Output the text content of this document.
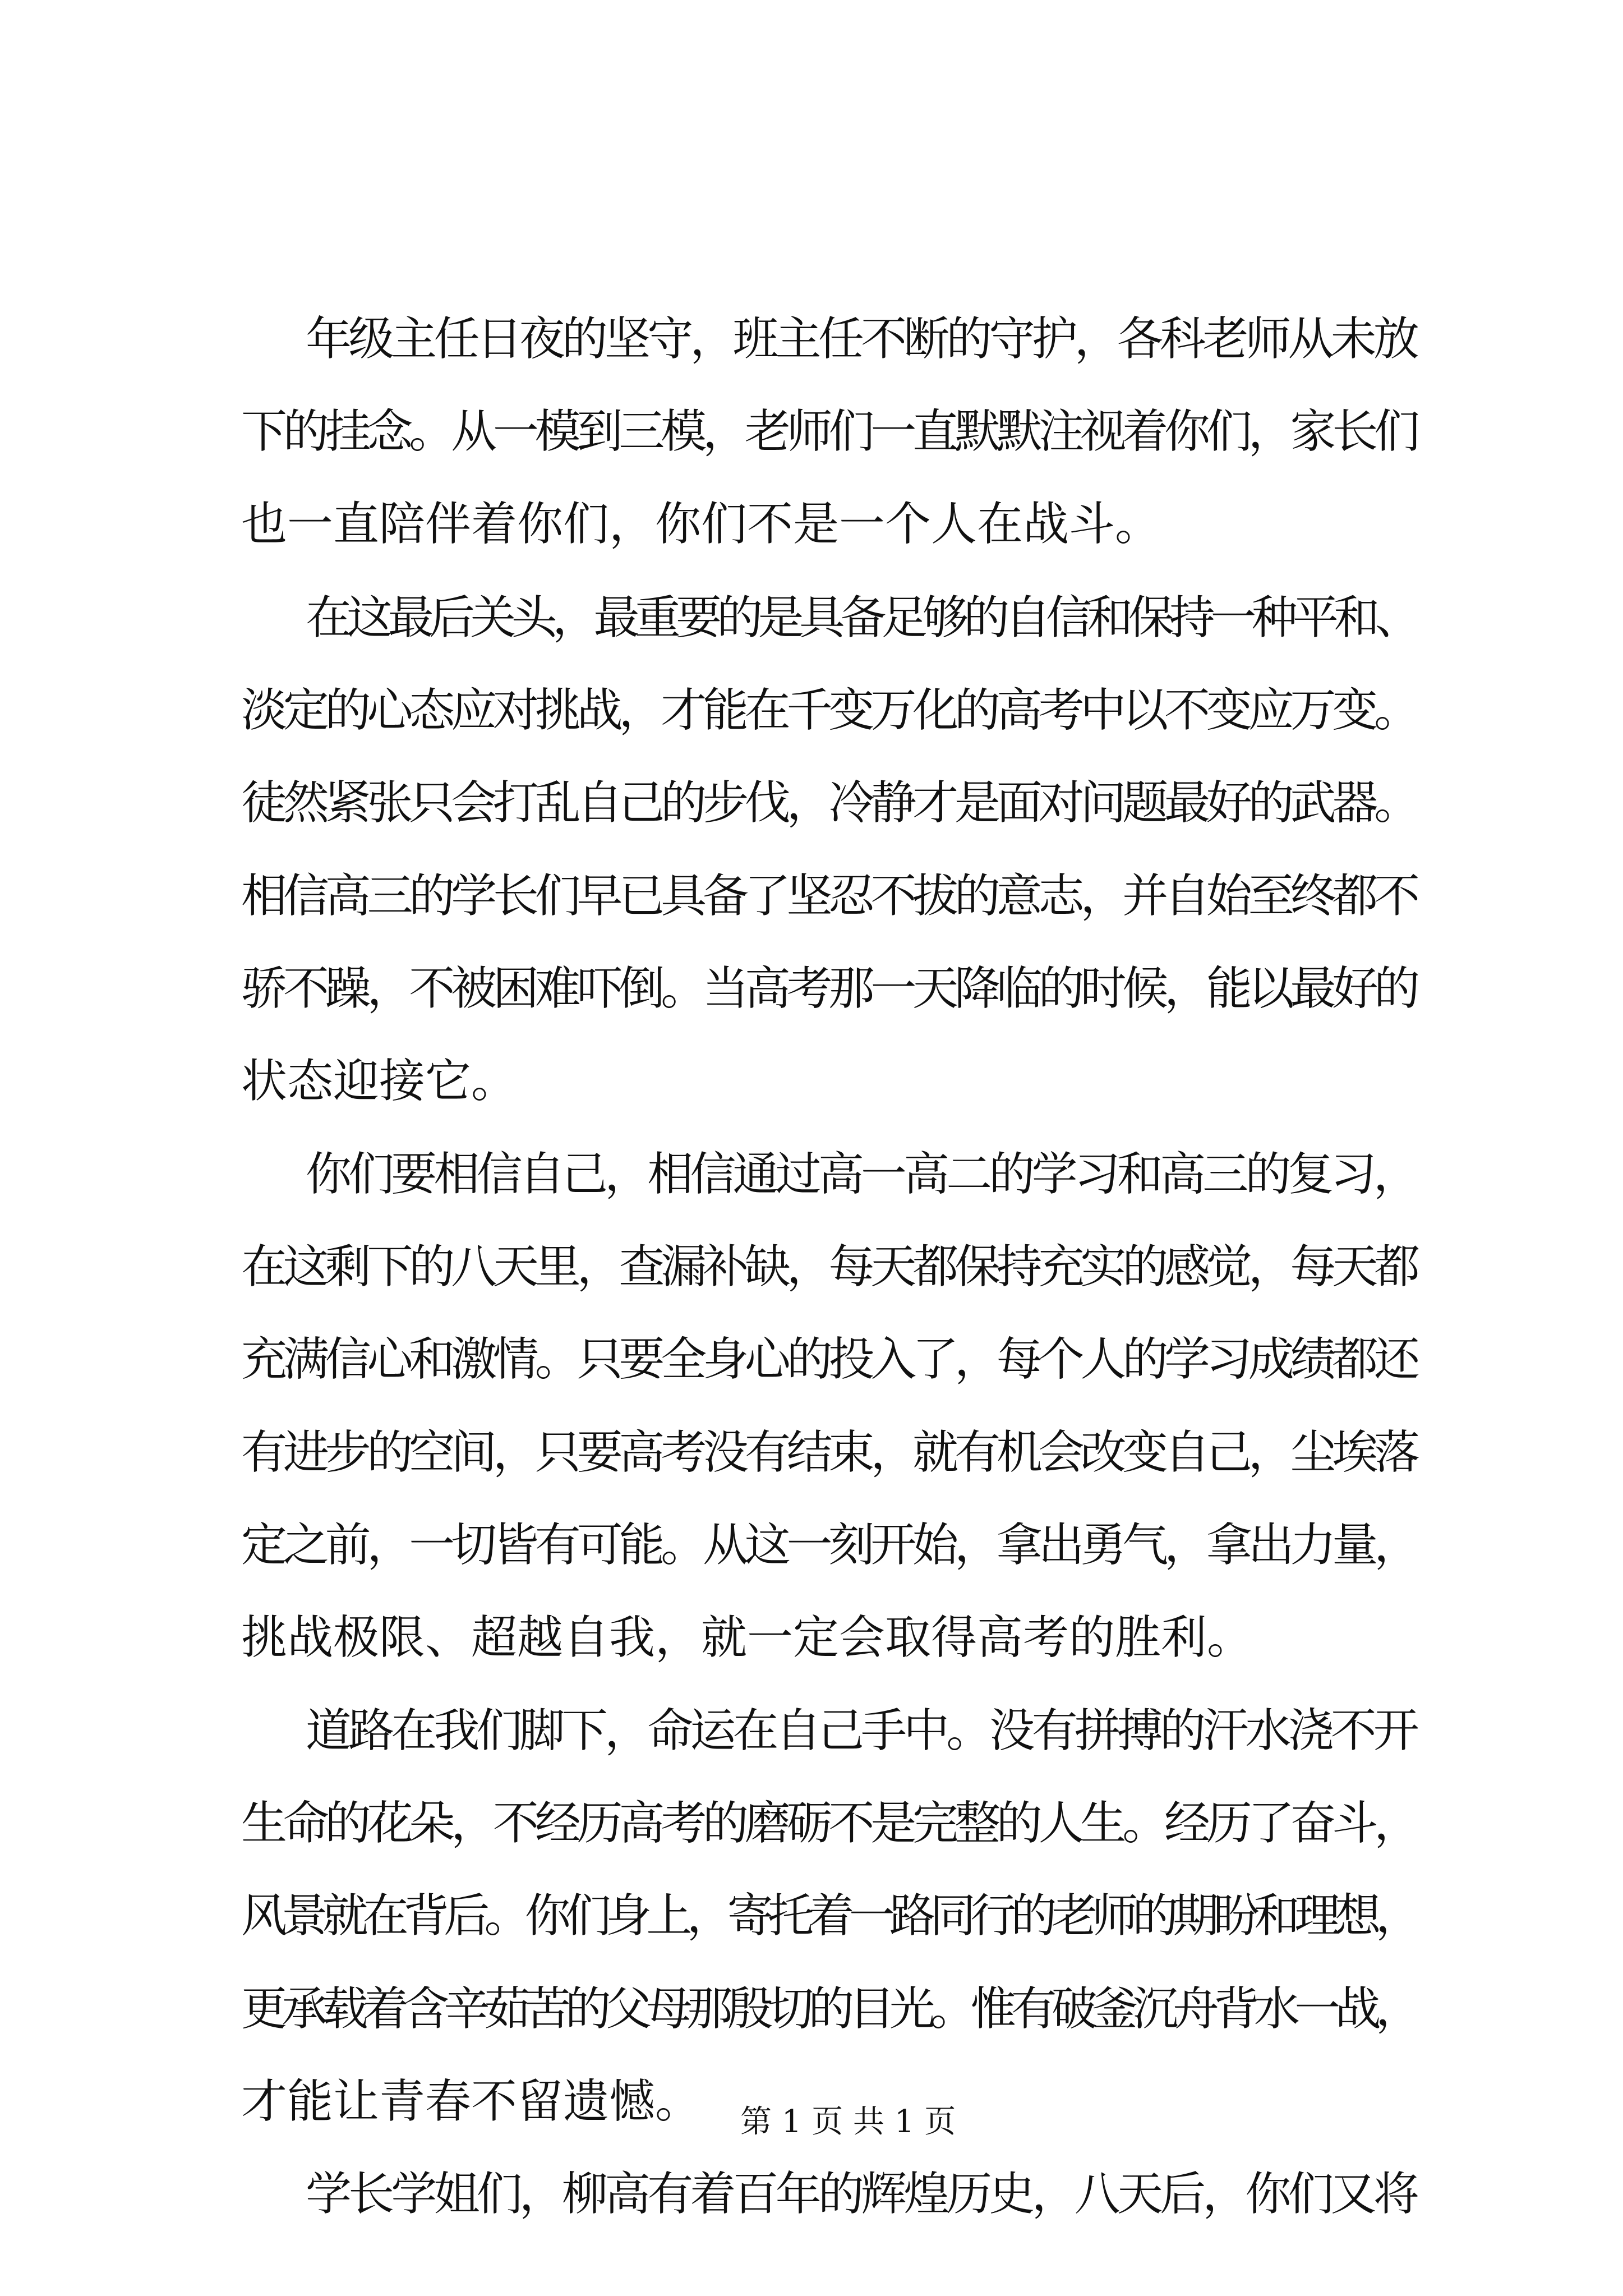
年级主任日夜的坚守，班主任不断的守护，各科老师从未放
下的挂念。从一模到三模，老师们一直默默注视着你们，家长们
也一直陪伴着你们，你们不是一个人在战斗。
在这最后关头，最重要的是具备足够的自信和保持一种平和、
淡定的心态应对挑战，才能在千变万化的高考中以不变应万变。
徒然紧张只会打乱自己的步伐，冷静才是面对问题最好的武器。
相信高三的学长们早已具备了坚忍不拔的意志，并自始至终都不
骄不躁，不被困难吓倒。当高考那一天降临的时候，能以最好的
状态迎接它。
你们要相信自己，相信通过高一高二的学习和高三的复习，
在这剩下的八天里，查漏补缺，每天都保持充实的感觉，每天都
充满信心和激情。只要全身心的投入了，每个人的学习成绩都还
有进步的空间，只要高考没有结束，就有机会改变自己，尘埃落
定之前，一切皆有可能。从这一刻开始，拿出勇气，拿出力量，
挑战极限、超越自我，就一定会取得高考的胜利。
道路在我们脚下，命运在自己手中。没有拼搏的汗水浇不开
生命的花朵，不经历高考的磨砺不是完整的人生。经历了奋斗，
风景就在背后。你们身上，寄托着一路同行的老师的期盼和理想，
更承载着含辛茹苦的父母那殷切的目光。惟有破釜沉舟背水一战，
才能让青春不留遗憾。
学长学姐们，柳高有着百年的辉煌历史，八天后，你们又将
第 1 页 共 1 页
